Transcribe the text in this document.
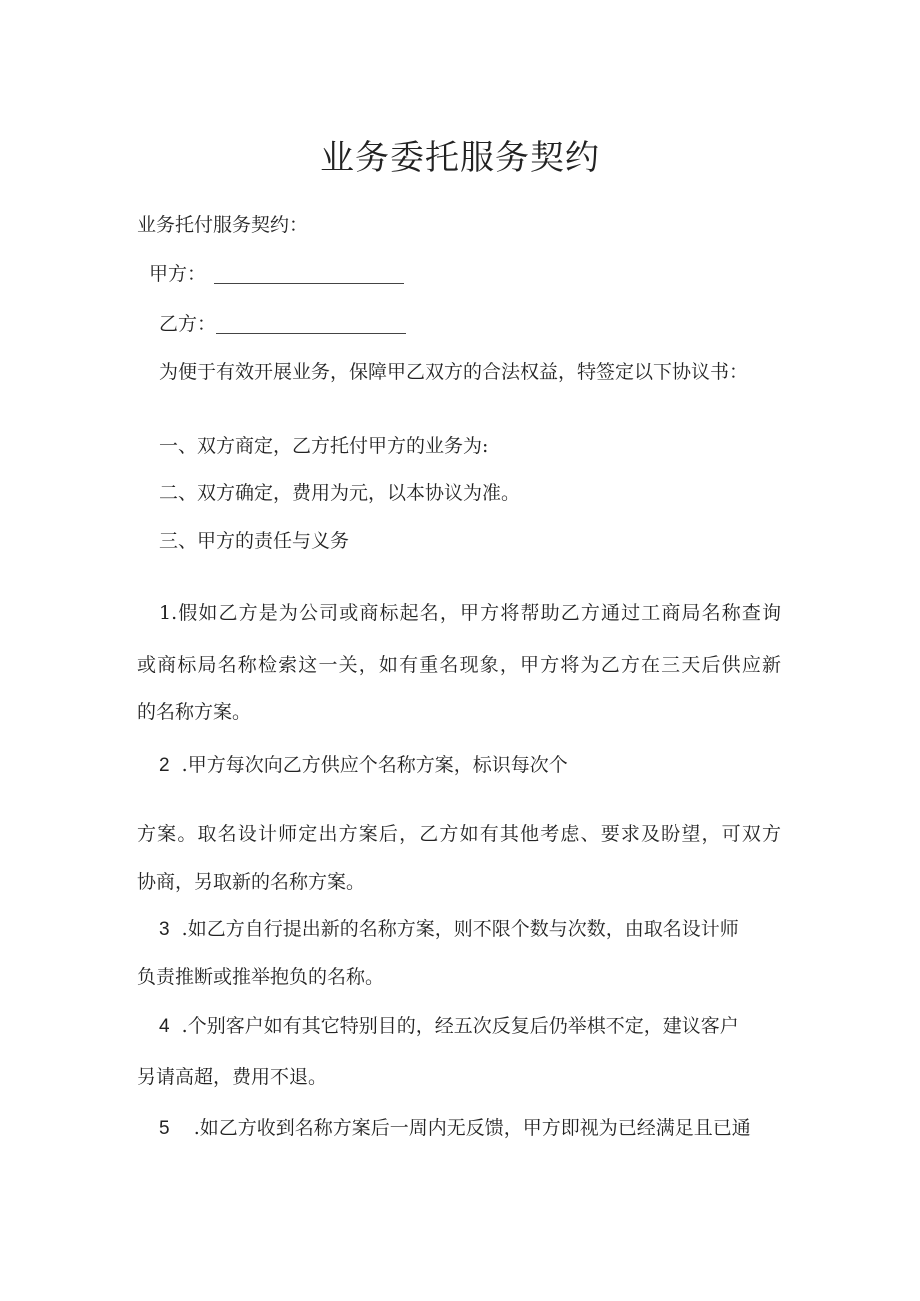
业务委托服务契约
业务托付服务契约：
甲方：
乙方：
为便于有效开展业务，保障甲乙双方的合法权益，特签定以下协议书：
一、双方商定，乙方托付甲方的业务为:
二、双方确定，费用为元，以本协议为准。
三、甲方的责任与义务
1.假如乙方是为公司或商标起名，甲方将帮助乙方通过工商局名称查询
或商标局名称检索这一关，如有重名现象，甲方将为乙方在三天后供应新
的名称方案。
2 .甲方每次向乙方供应个名称方案，标识每次个
方案。取名设计师定出方案后，乙方如有其他考虑、要求及盼望，可双方
协商，另取新的名称方案。
3 .如乙方自行提出新的名称方案，则不限个数与次数，由取名设计师
负责推断或推举抱负的名称。
4 .个别客户如有其它特别目的，经五次反复后仍举棋不定，建议客户
另请高超，费用不退。
5 .如乙方收到名称方案后一周内无反馈，甲方即视为已经满足且已通
